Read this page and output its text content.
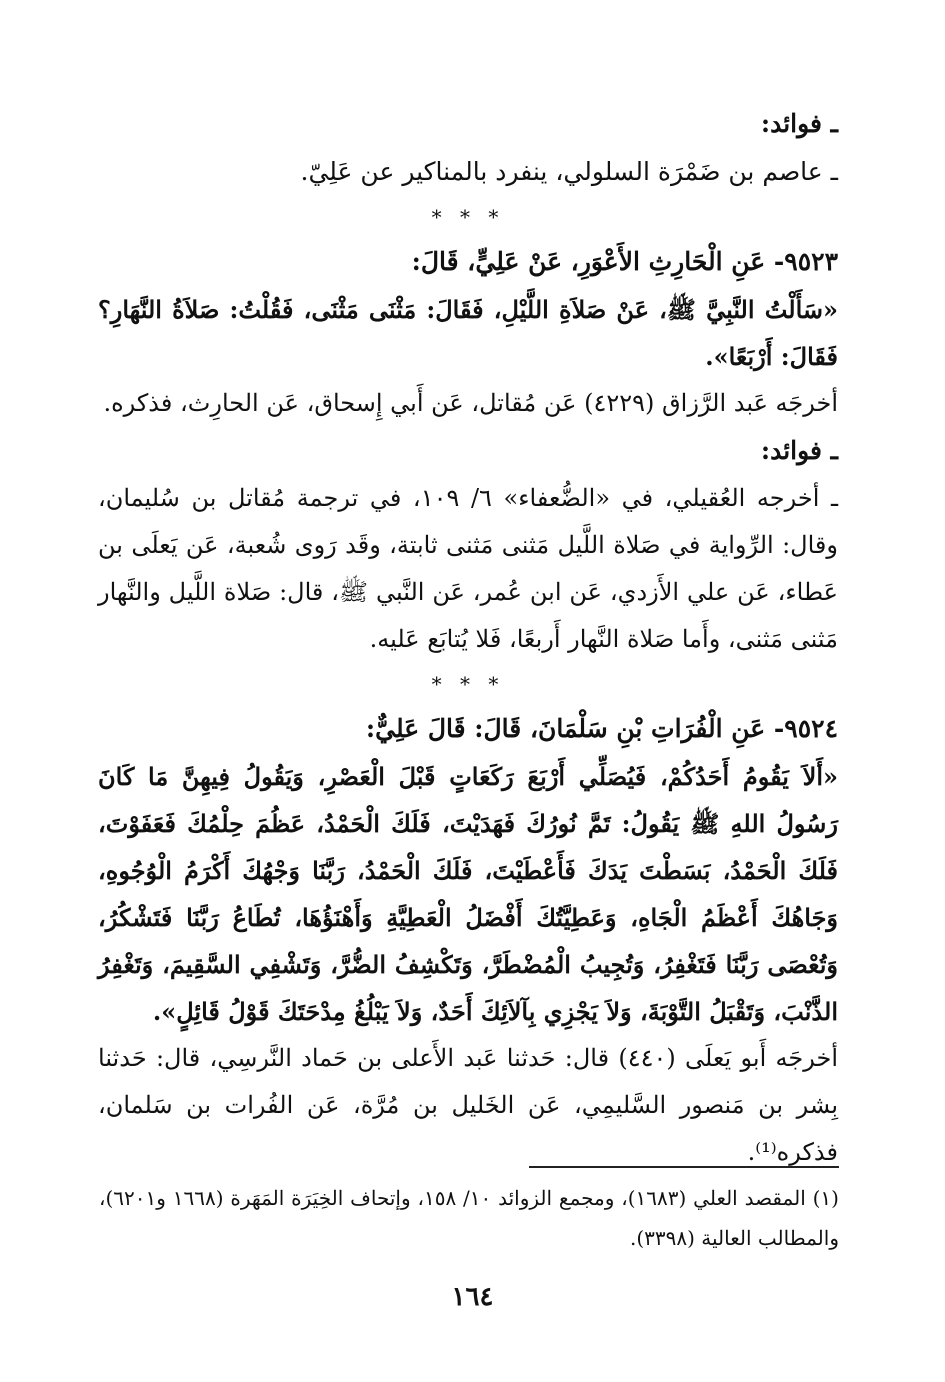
ـ فوائد:
ـ عاصم بن ضَمْرَة السلولي، ينفرد بالمناكير عن عَلِيّ.
* * *
٩٥٢٣- عَنِ الْحَارِثِ الأَعْوَرِ، عَنْ عَلِيٍّ، قَالَ:
«سَأَلْتُ النَّبِيَّ ﷺ، عَنْ صَلاَةِ اللَّيْلِ، فَقَالَ: مَثْنَى مَثْنَى، فَقُلْتُ: صَلاَةُ النَّهَارِ؟ فَقَالَ: أَرْبَعًا».
أخرجَه عَبد الرَّزاق (٤٢٢٩) عَن مُقاتل، عَن أَبي إِسحاق، عَن الحارِث، فذكره.
ـ فوائد:
ـ أخرجه العُقيلي، في «الضُّعفاء» ٦/ ١٠٩، في ترجمة مُقاتل بن سُليمان، وقال: الرِّواية في صَلاة اللَّيل مَثنى مَثنى ثابتة، وقَد رَوى شُعبة، عَن يَعلَى بن عَطاء، عَن علي الأَزدي، عَن ابن عُمر، عَن النَّبي ﷺ، قال: صَلاة اللَّيل والنَّهار مَثنى مَثنى، وأَما صَلاة النَّهار أَربعًا، فَلا يُتابَع عَليه.
* * *
٩٥٢٤- عَنِ الْفُرَاتِ بْنِ سَلْمَانَ، قَالَ: قَالَ عَلِيٌّ:
«أَلاَ يَقُومُ أَحَدُكُمْ، فَيُصَلِّي أَرْبَعَ رَكَعَاتٍ قَبْلَ الْعَصْرِ، وَيَقُولُ فِيهِنَّ مَا كَانَ رَسُولُ اللهِ ﷺ يَقُولُ: تَمَّ نُورُكَ فَهَدَيْتَ، فَلَكَ الْحَمْدُ، عَظُمَ حِلْمُكَ فَعَفَوْتَ، فَلَكَ الْحَمْدُ، بَسَطْتَ يَدَكَ فَأَعْطَيْتَ، فَلَكَ الْحَمْدُ، رَبَّنَا وَجْهُكَ أَكْرَمُ الْوُجُوهِ، وَجَاهُكَ أَعْظَمُ الْجَاهِ، وَعَطِيَّتُكَ أَفْضَلُ الْعَطِيَّةِ وَأَهْنَؤُهَا، تُطَاعُ رَبَّنَا فَتَشْكُرُ، وَتُعْصَى رَبَّنَا فَتَغْفِرُ، وَتُجِيبُ الْمُضْطَرَّ، وَتَكْشِفُ الضُّرَّ، وَتَشْفِي السَّقِيمَ، وَتَغْفِرُ الذَّنْبَ، وَتَقْبَلُ التَّوْبَةَ، وَلاَ يَجْزِي بِآلاَئِكَ أَحَدٌ، وَلاَ يَبْلُغُ مِدْحَتَكَ قَوْلُ قَائِلٍ».
أخرجَه أَبو يَعلَى (٤٤٠) قال: حَدثنا عَبد الأَعلى بن حَماد النَّرسِي، قال: حَدثنا بِشر بن مَنصور السَّليمِي، عَن الخَليل بن مُرَّة، عَن الفُرات بن سَلمان، فذكره⁽¹⁾.
(١) المقصد العلي (١٦٨٣)، ومجمع الزوائد ١٠/ ١٥٨، وإتحاف الخِيَرَة المَهَرة (١٦٦٨ و٦٢٠١)، والمطالب العالية (٣٣٩٨).
١٦٤
